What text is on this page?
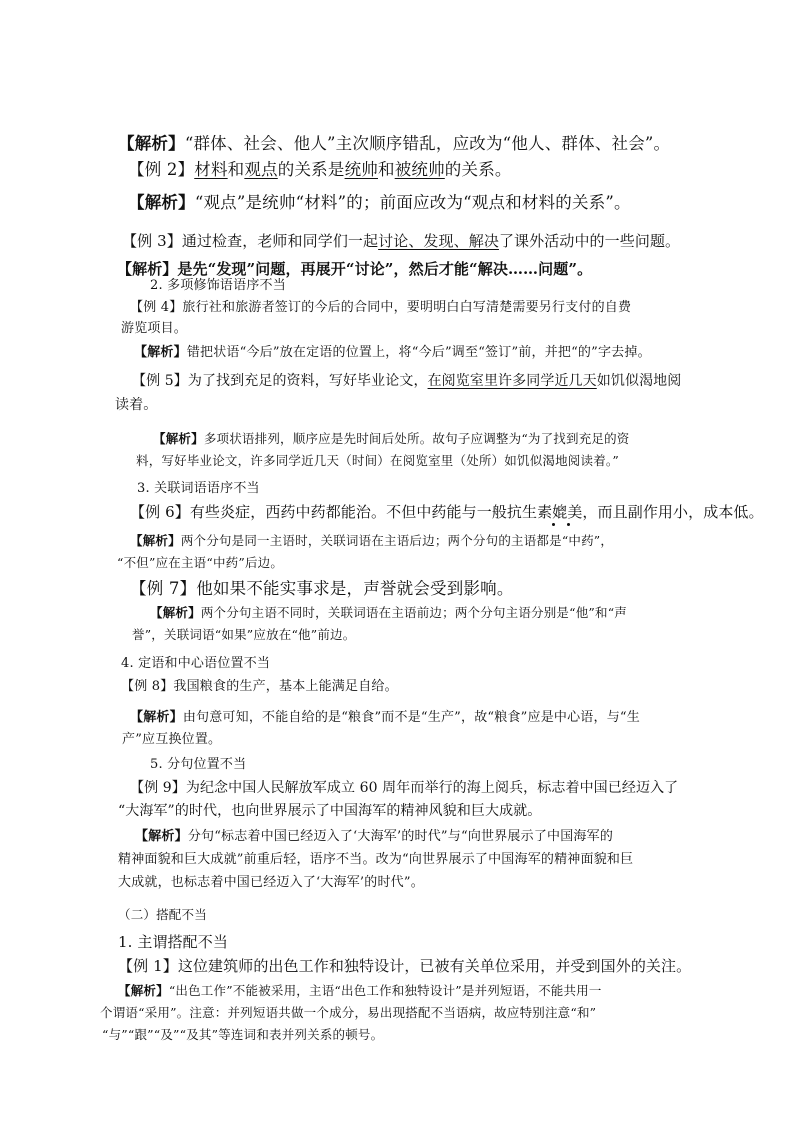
【解析】“群体、社会、他人”主次顺序错乱，应改为“他人、群体、社会”。
【例 2】材料和观点的关系是统帅和被统帅的关系。
【解析】“观点”是统帅“材料”的；前面应改为“观点和材料的关系”。
【例 3】通过检查，老师和同学们一起讨论、发现、解决了课外活动中的一些问题。
【解析】是先“发现”问题，再展开“讨论”，然后才能“解决……问题”。
2. 多项修饰语语序不当
【例 4】旅行社和旅游者签订的今后的合同中，要明明白白写清楚需要另行支付的自费
游览项目。
【解析】错把状语“今后”放在定语的位置上，将“今后”调至“签订”前，并把“的”字去掉。
【例 5】为了找到充足的资料，写好毕业论文，在阅览室里许多同学近几天如饥似渴地阅
读着。
【解析】多项状语排列，顺序应是先时间后处所。故句子应调整为“为了找到充足的资
料，写好毕业论文，许多同学近几天（时间）在阅览室里（处所）如饥似渴地阅读着。”
3. 关联词语语序不当
【例 6】有些炎症，西药中药都能治。不但中药能与一般抗生素媲美，而且副作用小，成本低。
【解析】两个分句是同一主语时，关联词语在主语后边；两个分句的主语都是“中药”，
“不但”应在主语“中药”后边。
【例 7】他如果不能实事求是，声誉就会受到影响。
【解析】两个分句主语不同时，关联词语在主语前边；两个分句主语分别是“他”和“声
誉”，关联词语“如果”应放在“他”前边。
4. 定语和中心语位置不当
【例 8】我国粮食的生产，基本上能满足自给。
【解析】由句意可知，不能自给的是“粮食”而不是“生产”，故“粮食”应是中心语，与“生
产”应互换位置。
5. 分句位置不当
【例 9】为纪念中国人民解放军成立 60 周年而举行的海上阅兵，标志着中国已经迈入了
“大海军”的时代，也向世界展示了中国海军的精神风貌和巨大成就。
【解析】分句“标志着中国已经迈入了‘大海军’的时代”与“向世界展示了中国海军的
精神面貌和巨大成就”前重后轻，语序不当。改为“向世界展示了中国海军的精神面貌和巨
大成就，也标志着中国已经迈入了‘大海军’的时代”。
（二）搭配不当
1. 主谓搭配不当
【例 1】这位建筑师的出色工作和独特设计，已被有关单位采用，并受到国外的关注。
【解析】“出色工作”不能被采用，主语“出色工作和独特设计”是并列短语，不能共用一
个谓语“采用”。注意：并列短语共做一个成分，易出现搭配不当语病，故应特别注意“和”
“与”“跟”“及”“及其”等连词和表并列关系的顿号。
